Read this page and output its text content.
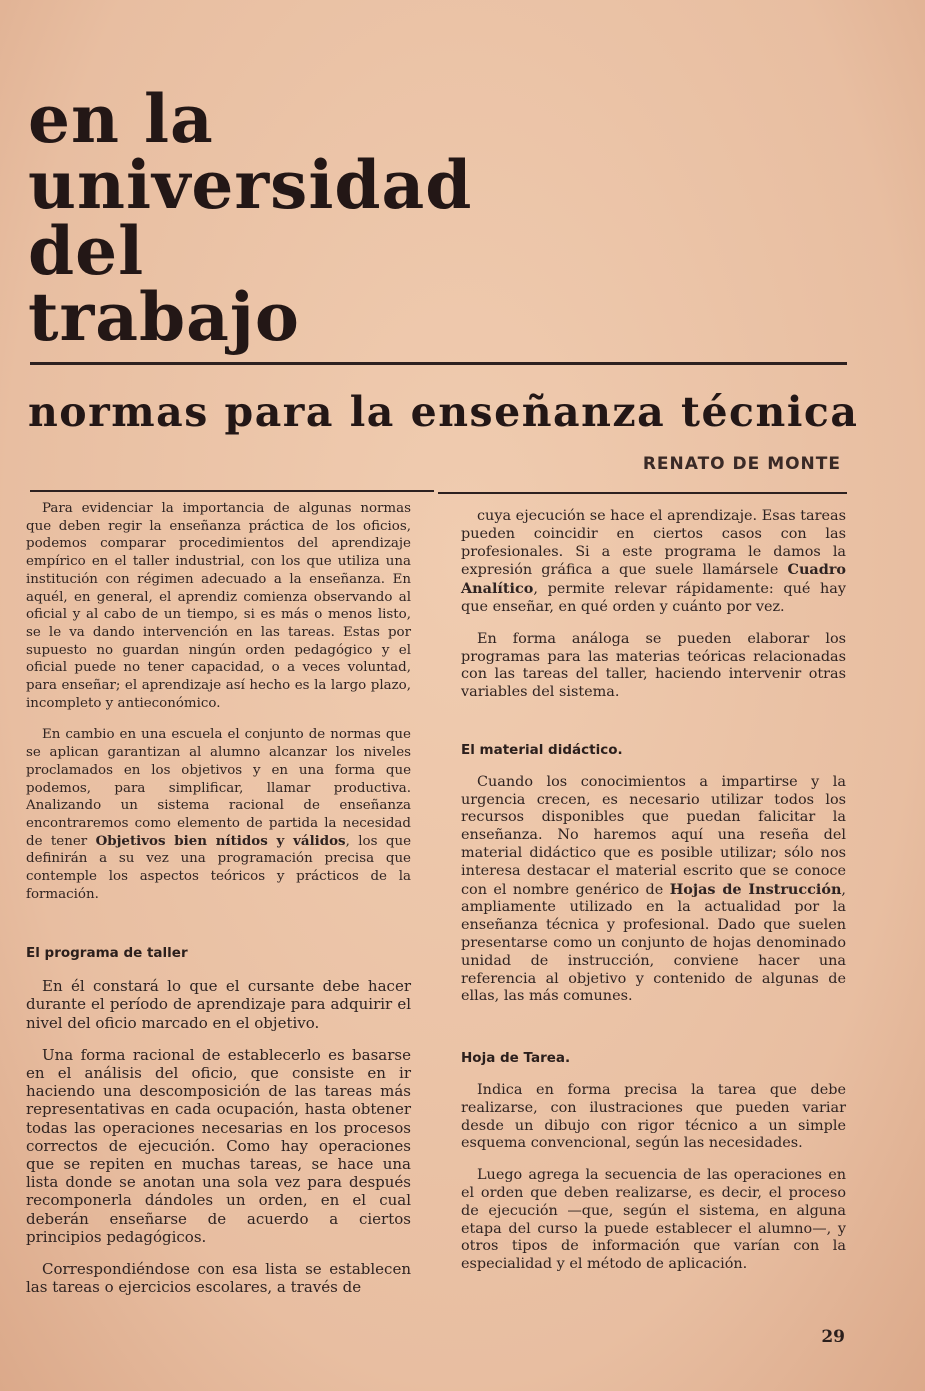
en la
universidad
del
trabajo
normas para la enseñanza técnica
RENATO DE MONTE

Para evidenciar la importancia de algunas normas que deben regir la enseñanza práctica de los oficios, podemos comparar procedimientos del aprendizaje empírico en el taller industrial, con los que utiliza una institución con régimen adecuado a la enseñanza. En aquél, en general, el aprendiz comienza observando al oficial y al cabo de un tiempo, si es más o menos listo, se le va dando intervención en las tareas. Estas por supuesto no guardan ningún orden pedagógico y el oficial puede no tener capacidad, o a veces voluntad, para enseñar; el aprendizaje así hecho es la largo plazo, incompleto y antieconómico.

En cambio en una escuela el conjunto de normas que se aplican garantizan al alumno alcanzar los niveles proclamados en los objetivos y en una forma que podemos, para simplificar, llamar productiva. Analizando un sistema racional de enseñanza encontraremos como elemento de partida la necesidad de tener Objetivos bien nítidos y válidos, los que definirán a su vez una programación precisa que contemple los aspectos teóricos y prácticos de la formación.

El programa de taller

En él constará lo que el cursante debe hacer durante el período de aprendizaje para adquirir el nivel del oficio marcado en el objetivo.

Una forma racional de establecerlo es basarse en el análisis del oficio, que consiste en ir haciendo una descomposición de las tareas más representativas en cada ocupación, hasta obtener todas las operaciones necesarias en los procesos correctos de ejecución. Como hay operaciones que se repiten en muchas tareas, se hace una lista donde se anotan una sola vez para después recomponerla dándoles un orden, en el cual deberán enseñarse de acuerdo a ciertos principios pedagógicos.

Correspondiéndose con esa lista se establecen las tareas o ejercicios escolares, a través de

cuya ejecución se hace el aprendizaje. Esas tareas pueden coincidir en ciertos casos con las profesionales. Si a este programa le damos la expresión gráfica a que suele llamársele Cuadro Analítico, permite relevar rápidamente: qué hay que enseñar, en qué orden y cuánto por vez.

En forma análoga se pueden elaborar los programas para las materias teóricas relacionadas con las tareas del taller, haciendo intervenir otras variables del sistema.

El material didáctico.

Cuando los conocimientos a impartirse y la urgencia crecen, es necesario utilizar todos los recursos disponibles que puedan falicitar la enseñanza. No haremos aquí una reseña del material didáctico que es posible utilizar; sólo nos interesa destacar el material escrito que se conoce con el nombre genérico de Hojas de Instrucción, ampliamente utilizado en la actualidad por la enseñanza técnica y profesional. Dado que suelen presentarse como un conjunto de hojas denominado unidad de instrucción, conviene hacer una referencia al objetivo y contenido de algunas de ellas, las más comunes.

Hoja de Tarea.

Indica en forma precisa la tarea que debe realizarse, con ilustraciones que pueden variar desde un dibujo con rigor técnico a un simple esquema convencional, según las necesidades.

Luego agrega la secuencia de las operaciones en el orden que deben realizarse, es decir, el proceso de ejecución —que, según el sistema, en alguna etapa del curso la puede establecer el alumno—, y otros tipos de información que varían con la especialidad y el método de aplicación.

29
